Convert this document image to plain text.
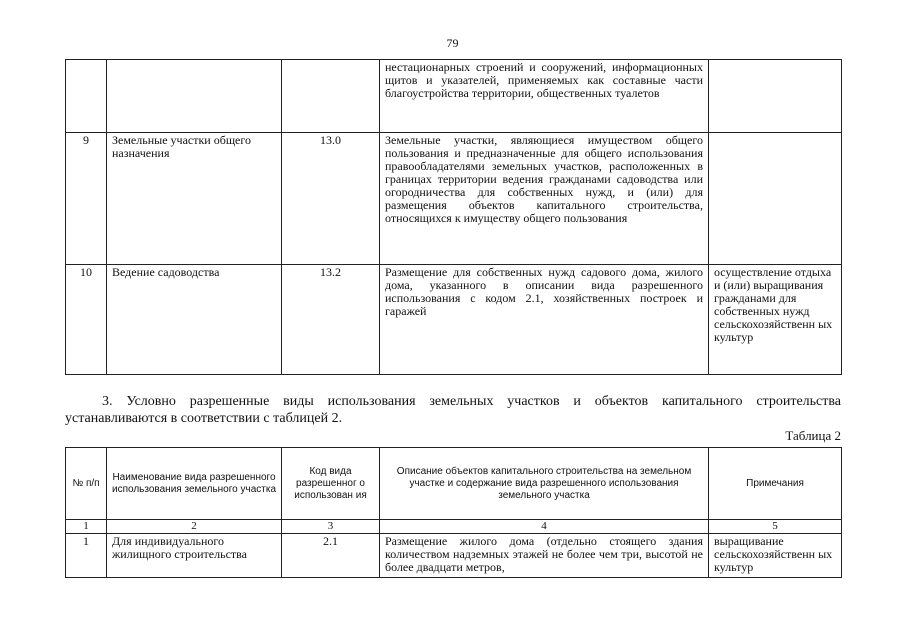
79
			нестационарных строений и сооружений, информационных щитов и указателей, применяемых как составные части благоустройства территории, общественных туалетов	
9	Земельные участки общего назначения	13.0	Земельные участки, являющиеся имуществом общего пользования и предназначенные для общего использования правообладателями земельных участков, расположенных в границах территории ведения гражданами садоводства или огородничества для собственных нужд, и (или) для размещения объектов капитального строительства, относящихся к имуществу общего пользования	
10	Ведение садоводства	13.2	Размещение для собственных нужд садового дома, жилого дома, указанного в описании вида разрешенного использования с кодом 2.1, хозяйственных построек и гаражей	осуществление отдыха и (или) выращивания гражданами для собственных нужд сельскохозяйственн ых культур
3. Условно разрешенные виды использования земельных участков и объектов капитального строительства устанавливаются в соответствии с таблицей 2.
Таблица 2
№ п/п	Наименование вида разрешенного использования земельного участка	Код вида разрешенног о использован ия	Описание объектов капитального строительства на земельном участке и содержание вида разрешенного использования земельного участка	Примечания
1	2	3	4	5
1	Для индивидуального жилищного строительства	2.1	Размещение жилого дома (отдельно стоящего здания количеством надземных этажей не более чем три, высотой не более двадцати метров,	выращивание сельскохозяйственн ых культур
